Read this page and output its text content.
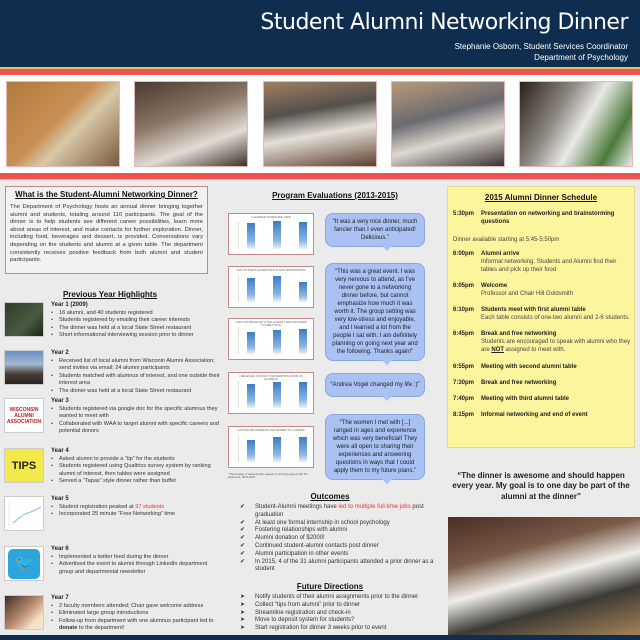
Student Alumni Networking Dinner
Stephanie Osborn, Student Services Coordinator
Department of Psychology
What is the Student-Alumni Networking Dinner?
The Department of Psychology hosts an annual dinner bringing together alumni and students, totaling around 110 participants. The goal of the dinner is to help students see different career possibilities, learn more about areas of interest, and make contacts for further exploration. Dinner, including food, beverages and dessert, is provided. Conversations vary depending on the students and alumni at a given table. The department consistently receives positive feedback from both alumni and student participants.
Previous Year Highlights
Year 1 (2009)
• 16 alumni, and 40 students registered
• Students registered by emailing their career interests
• The dinner was held at a local State Street restaurant
• Short informational interviewing session prior to dinner
Year 2
• Received list of local alumni from Wisconin Alumni Association; send invites via email; 24 alumni participants
• Students matched with alumnus of interest, and one outside their interest area
• The dinner was held at a local State Street restaurant
WISCONSIN ALUMNI ASSOCIATION
Year 3
• Students registered via google doc for the specific alumnus they wanted to meet with
• Collaborated with WAA to target alumni with specific careers and potential donors
TIPS
Year 4
• Asked alumni to provide a “tip” for the students
• Students registered using Qualtrics survey system by ranking alumni of interest, then tables were assigned
• Served a “Tapas” style dinner rather than buffet
Year 5
• Student registration peaked at 97 students
• Incorporated 25 minute “Free Networking” time
🐦
Year 6
• Implemented a twitter feed during the dinner
• Advertised the event to alumni through LinkedIn department group and departmental newsletter
Year 7
• 2 faculty members attended; Chair gave welcome address
• Eliminated large group introductions
• Follow-up from department with one alumnus participant led to donate to the department!
Program Evaluations (2013-2015)
I LEARNED SOMETHING NEW
THE STUDENT-ALUMNI MATCH WAS APPROPRIATE
I WAS SATISFIED WITH THE ALUMNI I WAS ASSIGNED TO MEET WITH
I RECEIVED CONTACT INFORMATION FROM AN ALUMNUS
I WOULD RECOMMEND THE DINNER TO A FRIEND
* Percentage of students who agreed or strongly agreed with the statement, 2013-2015
“It was a very nice dinner, much fancier than I even anticipated! Delicious.”
“This was a great event. I was very nervous to attend, as I've never gone to a networking dinner before, but cannot emphasize how much it was worth it. The group setting was very low-stress and enjoyable, and I learned a lot from the people I sat with. I am definitely planning on going next year and the following. Thanks again!”
“Andrea Vogel changed my life :)”
“The women I met with [...] ranged in ages and experience which was very beneficial! They were all open to sharing their experiences and answering questions in ways that I could apply them to my future plans.”
Outcomes
✔ Student-Alumni meetings have led to multiple full-time jobs post graduation
✔ At least one formal internship in school psychology
✔ Fostering relationships with alumni
✔ Alumni donation of $2000!
✔ Continued student-alumni contacts post dinner
✔ Alumni participation in other events
✔ In 2015, 4 of the 31 alumni participants attended a prior dinner as a student
Future Directions
➤ Notify students of their alumni assignments prior to the dinner
➤ Collect “tips from alumni” prior to dinner
➤ Streamline registration and check-in
➤ Move to deposit system for students?
➤ Start registration for dinner 3 weeks prior to event
2015 Alumni Dinner Schedule
5:30pm Presentation on networking and brainstorming questions
Dinner available starting at 5:45-5:50pm
6:00pm Alumni arrive
Informal networking. Students and Alumni find their tables and pick up their food
6:05pm Welcome
Professor and Chair Hill Goldsmith
6:10pm Students meet with first alumni table
Each table consists of one-two alumni and 2-6 students.
6:45pm Break and free networking
Students are encouraged to speak with alumni who they are NOT assigned to meet with.
6:55pm Meeting with second alumni table
7:30pm Break and free networking
7:40pm Meeting with third alumni table
8:15pm Informal networking and end of event
“The dinner is awesome and should happen every year. My goal is to one day be part of the alumni at the dinner”
